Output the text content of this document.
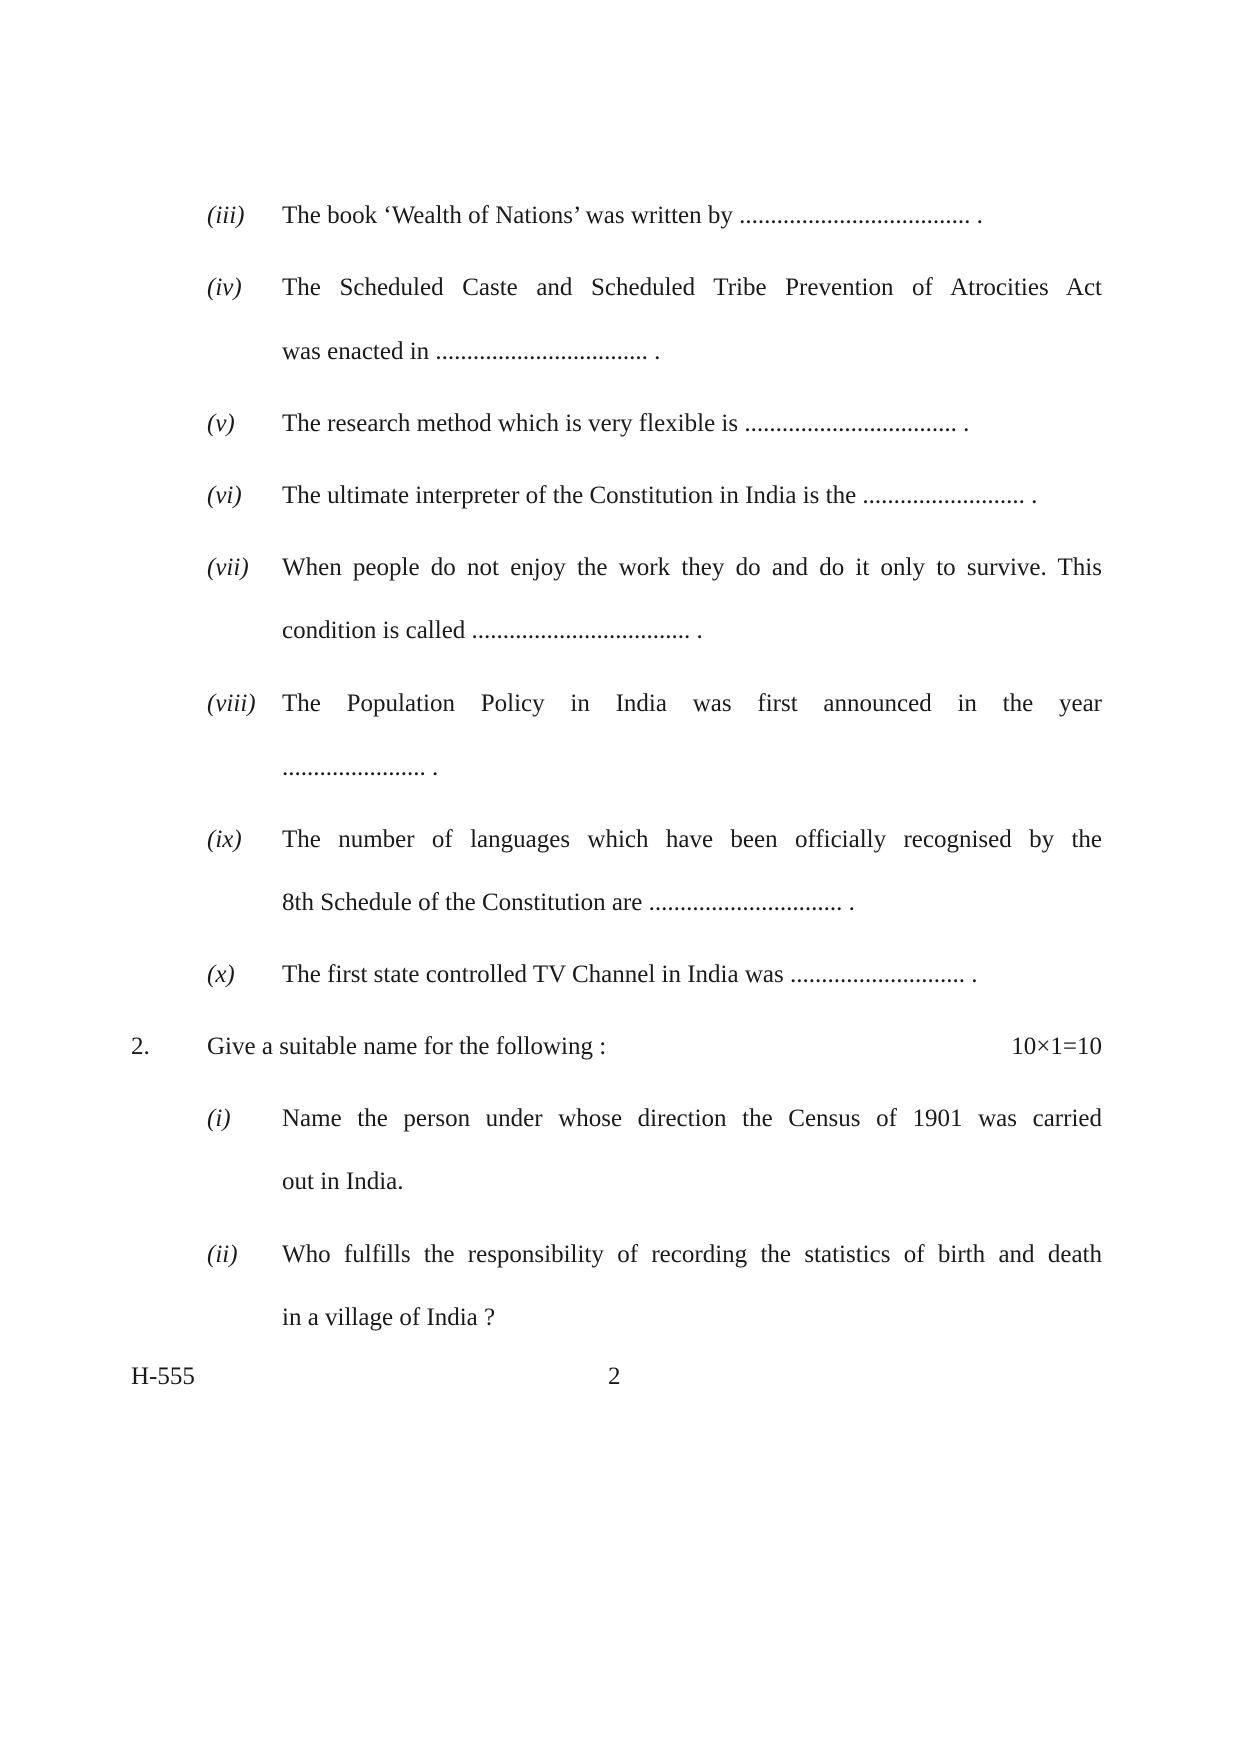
(iii) The book ‘Wealth of Nations’ was written by ..................................... .
(iv) The Scheduled Caste and Scheduled Tribe Prevention of Atrocities Act
was enacted in .................................. .
(v) The research method which is very flexible is .................................. .
(vi) The ultimate interpreter of the Constitution in India is the .......................... .
(vii) When people do not enjoy the work they do and do it only to survive. This
condition is called ................................... .
(viii) The Population Policy in India was first announced in the year
....................... .
(ix) The number of languages which have been officially recognised by the
8th Schedule of the Constitution are ............................... .
(x) The first state controlled TV Channel in India was ............................ .
2. Give a suitable name for the following :	10×1=10
(i) Name the person under whose direction the Census of 1901 was carried
out in India.
(ii) Who fulfills the responsibility of recording the statistics of birth and death
in a village of India ?
H-555	2
